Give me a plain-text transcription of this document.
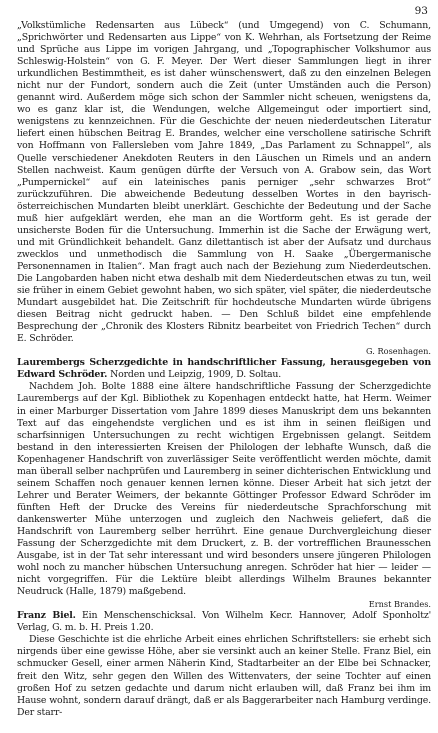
93

„Volkstümliche Redensarten aus Lübeck“ (und Umgegend) von C. Schumann, „Sprichwörter und Redensarten aus Lippe“ von K. Wehrhan, als Fortsetzung der Reime und Sprüche aus Lippe im vorigen Jahrgang, und „Topographischer Volkshumor aus Schleswig-Holstein“ von G. F. Meyer. Der Wert dieser Sammlungen liegt in ihrer urkundlichen Bestimmtheit, es ist daher wünschenswert, daß zu den einzelnen Belegen nicht nur der Fundort, sondern auch die Zeit (unter Umständen auch die Person) genannt wird. Außerdem möge sich schon der Sammler nicht scheuen, wenigstens da, wo es ganz klar ist, die Wendungen, welche Allgemeingut oder importiert sind, wenigstens zu kennzeichnen. Für die Geschichte der neuen niederdeutschen Literatur liefert einen hübschen Beitrag E. Brandes, welcher eine verschollene satirische Schrift von Hoffmann von Fallersleben vom Jahre 1849, „Das Parlament zu Schnappel“, als Quelle verschiedener Anekdoten Reuters in den Läuschen un Rimels und an andern Stellen nachweist. Kaum genügen dürfte der Versuch von A. Grabow sein, das Wort „Pumpernickel“ auf ein lateinisches panis perniger „sehr schwarzes Brot“ zurückzuführen. Die abweichende Bedeutung desselben Wortes in den bayrisch-österreichischen Mundarten bleibt unerklärt. Geschichte der Bedeutung und der Sache muß hier aufgeklärt werden, ehe man an die Wortform geht. Es ist gerade der unsicherste Boden für die Untersuchung. Immerhin ist die Sache der Erwägung wert, und mit Gründlichkeit behandelt. Ganz dilettantisch ist aber der Aufsatz und durchaus zwecklos und unmethodisch die Sammlung von H. Saake „Übergermanische Personennamen in Italien“. Man fragt auch nach der Beziehung zum Niederdeutschen. Die Langobarden haben nicht etwa deshalb mit dem Niederdeutschen etwas zu tun, weil sie früher in einem Gebiet gewohnt haben, wo sich später, viel später, die niederdeutsche Mundart ausgebildet hat. Die Zeitschrift für hochdeutsche Mundarten würde übrigens diesen Beitrag nicht gedruckt haben. — Den Schluß bildet eine empfehlende Besprechung der „Chronik des Klosters Ribnitz bearbeitet von Friedrich Techen“ durch E. Schröder.
G. Rosenhagen.

Laurembergs Scherzgedichte in handschriftlicher Fassung, herausgegeben von Edward Schröder. Norden und Leipzig, 1909, D. Soltau.

Nachdem Joh. Bolte 1888 eine ältere handschriftliche Fassung der Scherzgedichte Laurembergs auf der Kgl. Bibliothek zu Kopenhagen entdeckt hatte, hat Herm. Weimer in einer Marburger Dissertation vom Jahre 1899 dieses Manuskript dem uns bekannten Text auf das eingehendste verglichen und es ist ihm in seinen fleißigen und scharfsinnigen Untersuchungen zu recht wichtigen Ergebnissen gelangt. Seitdem bestand in den interessierten Kreisen der Philologen der lebhafte Wunsch, daß die Kopenhagener Handschrift von zuverlässiger Seite veröffentlicht werden möchte, damit man überall selber nachprüfen und Lauremberg in seiner dichterischen Entwicklung und seinem Schaffen noch genauer kennen lernen könne. Dieser Arbeit hat sich jetzt der Lehrer und Berater Weimers, der bekannte Göttinger Professor Edward Schröder im fünften Heft der Drucke des Vereins für niederdeutsche Sprachforschung mit dankenswerter Mühe unterzogen und zugleich den Nachweis geliefert, daß die Handschrift von Lauremberg selber herrührt. Eine genaue Durchvergleichung dieser Fassung der Scherzgedichte mit dem Druckert, z. B. der vortrefflichen Braunesschen Ausgabe, ist in der Tat sehr interessant und wird besonders unsere jüngeren Philologen wohl noch zu mancher hübschen Untersuchung anregen. Schröder hat hier — leider — nicht vorgegriffen. Für die Lektüre bleibt allerdings Wilhelm Braunes bekannter Neudruck (Halle, 1879) maßgebend.
Ernst Brandes.

Franz Biel. Ein Menschenschicksal. Von Wilhelm Kecr. Hannover, Adolf Sponholtz' Verlag, G. m. b. H. Preis 1.20.

Diese Geschichte ist die ehrliche Arbeit eines ehrlichen Schriftstellers: sie erhebt sich nirgends über eine gewisse Höhe, aber sie versinkt auch an keiner Stelle. Franz Biel, ein schmucker Gesell, einer armen Näherin Kind, Stadtarbeiter an der Elbe bei Schnacker, freit den Witz, sehr gegen den Willen des Wittenvaters, der seine Tochter auf einen großen Hof zu setzen gedachte und darum nicht erlauben will, daß Franz bei ihm im Hause wohnt, sondern darauf drängt, daß er als Baggerarbeiter nach Hamburg verdinge. Der starr-
